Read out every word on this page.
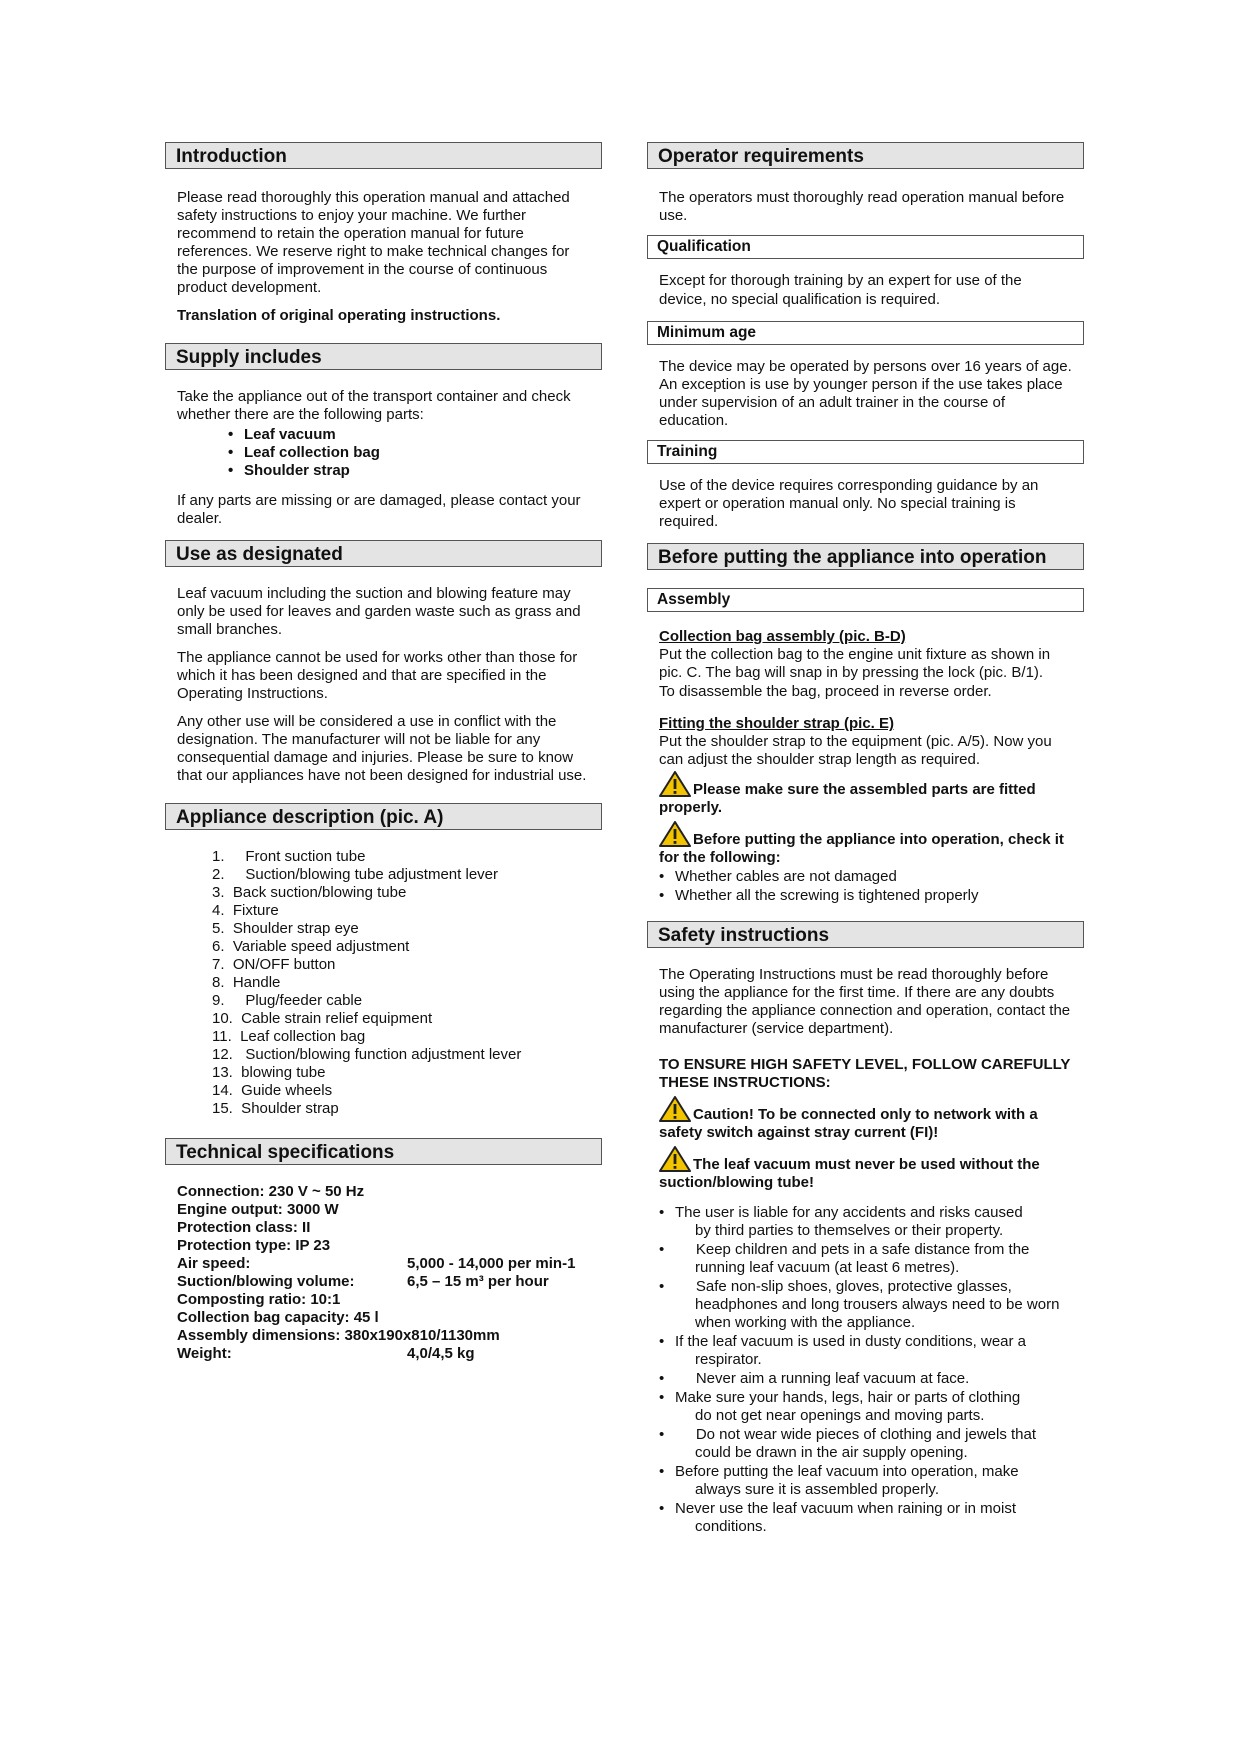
Introduction
Please read thoroughly this operation manual and attached safety instructions to enjoy your machine. We further recommend to retain the operation manual for future references. We reserve right to make technical changes for the purpose of improvement in the course of continuous product development.
Translation of original operating instructions.
Supply includes
Take the appliance out of the transport container and check whether there are the following parts:
• Leaf vacuum
• Leaf collection bag
• Shoulder strap
If any parts are missing or are damaged, please contact your dealer.
Use as designated
Leaf vacuum including the suction and blowing feature may only be used for leaves and garden waste such as grass and small branches.
The appliance cannot be used for works other than those for which it has been designed and that are specified in the Operating Instructions.
Any other use will be considered a use in conflict with the designation. The manufacturer will not be liable for any consequential damage and injuries. Please be sure to know that our appliances have not been designed for industrial use.
Appliance description (pic. A)
1.     Front suction tube
2.     Suction/blowing tube adjustment lever
3.  Back suction/blowing tube
4.  Fixture
5.  Shoulder strap eye
6.  Variable speed adjustment
7.  ON/OFF button
8.  Handle
9.     Plug/feeder cable
10.  Cable strain relief equipment
11.  Leaf collection bag
12.   Suction/blowing function adjustment lever
13.  blowing tube
14.  Guide wheels
15.  Shoulder strap
Technical specifications
Connection: 230 V ~ 50 Hz
Engine output: 3000 W
Protection class: II
Protection type: IP 23
Air speed:	5,000 - 14,000 per min-1
Suction/blowing volume:	6,5 – 15 m³ per hour
Composting ratio: 10:1
Collection bag capacity: 45 l
Assembly dimensions: 380x190x810/1130mm
Weight:	4,0/4,5 kg
Operator requirements
The operators must thoroughly read operation manual before use.
Qualification
Except for thorough training by an expert for use of the device, no special qualification is required.
Minimum age
The device may be operated by persons over 16 years of age. An exception is use by younger person if the use takes place under supervision of an adult trainer in the course of education.
Training
Use of the device requires corresponding guidance by an expert or operation manual only. No special training is required.
Before putting the appliance into operation
Assembly
Collection bag assembly (pic. B-D)
Put the collection bag to the engine unit fixture as shown in pic. C. The bag will snap in by pressing the lock (pic. B/1).
To disassemble the bag, proceed in reverse order.
Fitting the shoulder strap (pic. E)
Put the shoulder strap to the equipment (pic. A/5). Now you can adjust the shoulder strap length as required.
Please make sure the assembled parts are fitted properly.
Before putting the appliance into operation, check it for the following:
• Whether cables are not damaged
• Whether all the screwing is tightened properly
Safety instructions
The Operating Instructions must be read thoroughly before using the appliance for the first time. If there are any doubts regarding the appliance connection and operation, contact the manufacturer (service department).
TO ENSURE HIGH SAFETY LEVEL, FOLLOW CAREFULLY THESE INSTRUCTIONS:
Caution! To be connected only to network with a safety switch against stray current (FI)!
The leaf vacuum must never be used without the suction/blowing tube!
• The user is liable for any accidents and risks caused
by third parties to themselves or their property.
•      Keep children and pets in a safe distance from the
running leaf vacuum (at least 6 metres).
•      Safe non-slip shoes, gloves, protective glasses,
headphones and long trousers always need to be worn when working with the appliance.
• If the leaf vacuum is used in dusty conditions, wear a
respirator.
•      Never aim a running leaf vacuum at face.
• Make sure your hands, legs, hair or parts of clothing
do not get near openings and moving parts.
•      Do not wear wide pieces of clothing and jewels that
could be drawn in the air supply opening.
• Before putting the leaf vacuum into operation, make
always sure it is assembled properly.
• Never use the leaf vacuum when raining or in moist
conditions.
